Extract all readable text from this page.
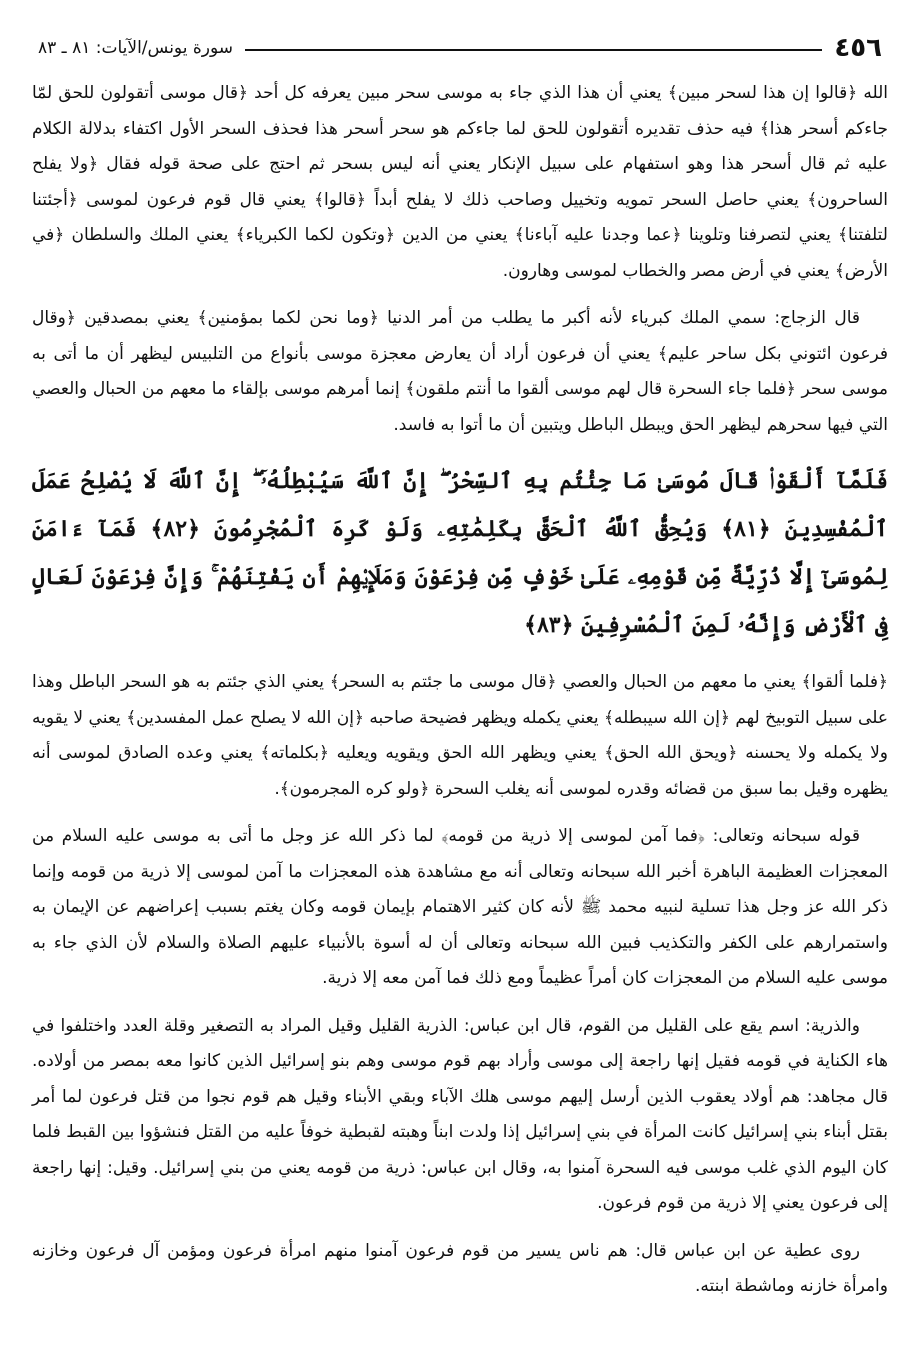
٤٥٦
سورة يونس/الآيات: ٨١ ـ ٨٣

الله ﴿قالوا إن هذا لسحر مبين﴾ يعني أن هذا الذي جاء به موسى سحر مبين يعرفه كل أحد ﴿قال موسى أتقولون للحق لمّا جاءكم أسحر هذا﴾ فيه حذف تقديره أتقولون للحق لما جاءكم هو سحر أسحر هذا فحذف السحر الأول اكتفاء بدلالة الكلام عليه ثم قال أسحر هذا وهو استفهام على سبيل الإنكار يعني أنه ليس بسحر ثم احتج على صحة قوله فقال ﴿ولا يفلح الساحرون﴾ يعني حاصل السحر تمويه وتخييل وصاحب ذلك لا يفلح أبداً ﴿قالوا﴾ يعني قال قوم فرعون لموسى ﴿أجئتنا لتلفتنا﴾ يعني لتصرفنا وتلوينا ﴿عما وجدنا عليه آباءنا﴾ يعني من الدين ﴿وتكون لكما الكبرياء﴾ يعني الملك والسلطان ﴿في الأرض﴾ يعني في أرض مصر والخطاب لموسى وهارون.

قال الزجاج: سمي الملك كبرياء لأنه أكبر ما يطلب من أمر الدنيا ﴿وما نحن لكما بمؤمنين﴾ يعني بمصدقين ﴿وقال فرعون ائتوني بكل ساحر عليم﴾ يعني أن فرعون أراد أن يعارض معجزة موسى بأنواع من التلبيس ليظهر أن ما أتى به موسى سحر ﴿فلما جاء السحرة قال لهم موسى ألقوا ما أنتم ملقون﴾ إنما أمرهم موسى بإلقاء ما معهم من الحبال والعصي التي فيها سحرهم ليظهر الحق ويبطل الباطل ويتبين أن ما أتوا به فاسد.

فَلَمَّآ أَلْقَوْا۟ قَالَ مُوسَىٰ مَا جِئْتُم بِهِ ٱلسِّحْرُ ۖ إِنَّ ٱللَّهَ سَيُبْطِلُهُۥٓ ۖ إِنَّ ٱللَّهَ لَا يُصْلِحُ عَمَلَ ٱلْمُفْسِدِينَ ﴿٨١﴾ وَيُحِقُّ ٱللَّهُ ٱلْحَقَّ بِكَلِمَٰتِهِۦ وَلَوْ كَرِهَ ٱلْمُجْرِمُونَ ﴿٨٢﴾ فَمَآ ءَامَنَ لِمُوسَىٰٓ إِلَّا ذُرِّيَّةٌ مِّن قَوْمِهِۦ عَلَىٰ خَوْفٍ مِّن فِرْعَوْنَ وَمَلَإِي۟هِمْ أَن يَفْتِنَهُمْ ۚ وَإِنَّ فِرْعَوْنَ لَعَالٍ فِى ٱلْأَرْضِ وَإِنَّهُۥ لَمِنَ ٱلْمُسْرِفِينَ ﴿٨٣﴾

﴿فلما ألقوا﴾ يعني ما معهم من الحبال والعصي ﴿قال موسى ما جئتم به السحر﴾ يعني الذي جئتم به هو السحر الباطل وهذا على سبيل التوبيخ لهم ﴿إن الله سيبطله﴾ يعني يكمله ويظهر فضيحة صاحبه ﴿إن الله لا يصلح عمل المفسدين﴾ يعني لا يقويه ولا يكمله ولا يحسنه ﴿ويحق الله الحق﴾ يعني ويظهر الله الحق ويقويه ويعليه ﴿بكلماته﴾ يعني وعده الصادق لموسى أنه يظهره وقيل بما سبق من قضائه وقدره لموسى أنه يغلب السحرة ﴿ولو كره المجرمون﴾.

قوله سبحانه وتعالى: ﴿فما آمن لموسى إلا ذرية من قومه﴾ لما ذكر الله عز وجل ما أتى به موسى عليه السلام من المعجزات العظيمة الباهرة أخبر الله سبحانه وتعالى أنه مع مشاهدة هذه المعجزات ما آمن لموسى إلا ذرية من قومه وإنما ذكر الله عز وجل هذا تسلية لنبيه محمد ﷺ لأنه كان كثير الاهتمام بإيمان قومه وكان يغتم بسبب إعراضهم عن الإيمان به واستمرارهم على الكفر والتكذيب فبين الله سبحانه وتعالى أن له أسوة بالأنبياء عليهم الصلاة والسلام لأن الذي جاء به موسى عليه السلام من المعجزات كان أمراً عظيماً ومع ذلك فما آمن معه إلا ذرية.

والذرية: اسم يقع على القليل من القوم، قال ابن عباس: الذرية القليل وقيل المراد به التصغير وقلة العدد واختلفوا في هاء الكناية في قومه فقيل إنها راجعة إلى موسى وأراد بهم قوم موسى وهم بنو إسرائيل الذين كانوا معه بمصر من أولاده. قال مجاهد: هم أولاد يعقوب الذين أرسل إليهم موسى هلك الآباء وبقي الأبناء وقيل هم قوم نجوا من قتل فرعون لما أمر بقتل أبناء بني إسرائيل كانت المرأة في بني إسرائيل إذا ولدت ابناً وهبته لقبطية خوفاً عليه من القتل فنشؤوا بين القبط فلما كان اليوم الذي غلب موسى فيه السحرة آمنوا به، وقال ابن عباس: ذرية من قومه يعني من بني إسرائيل. وقيل: إنها راجعة إلى فرعون يعني إلا ذرية من قوم فرعون.

روى عطية عن ابن عباس قال: هم ناس يسير من قوم فرعون آمنوا منهم امرأة فرعون ومؤمن آل فرعون وخازنه وامرأة خازنه وماشطة ابنته.
